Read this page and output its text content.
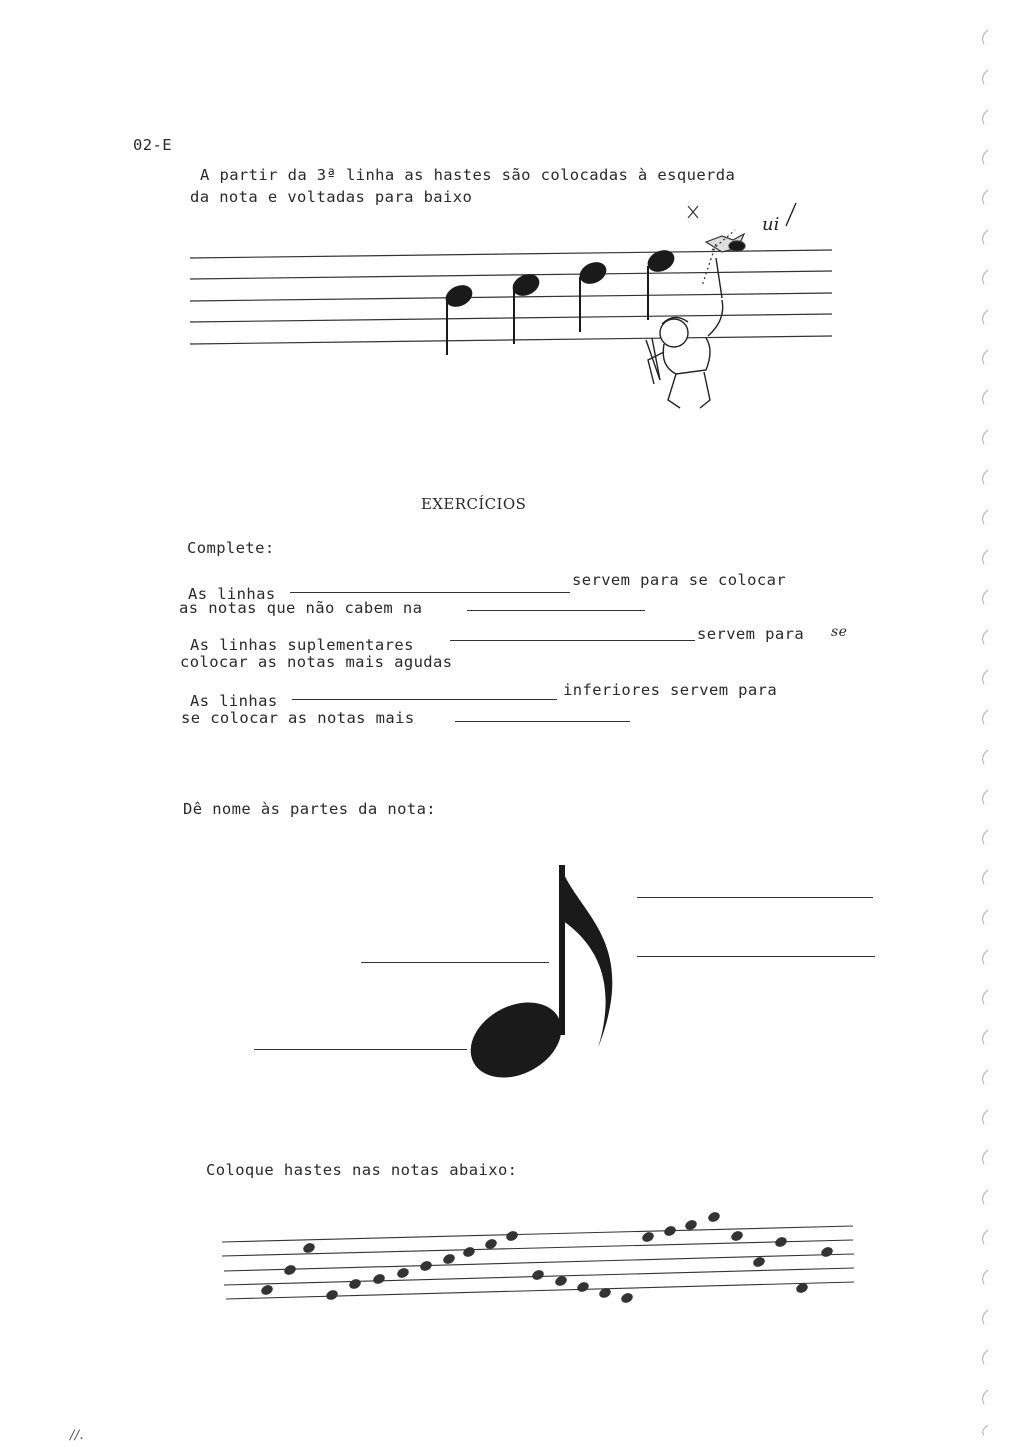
02-E
A partir da 3ª linha as hastes são colocadas à esquerda
da nota e voltadas para baixo
ui
EXERCÍCIOS
Complete:
As linhas
servem para se colocar
as notas que não cabem na
As linhas suplementares
servem para se
colocar as notas mais agudas
As linhas
inferiores servem para
se colocar as notas mais
Dê nome às partes da nota:
Coloque hastes nas notas abaixo:
//.
